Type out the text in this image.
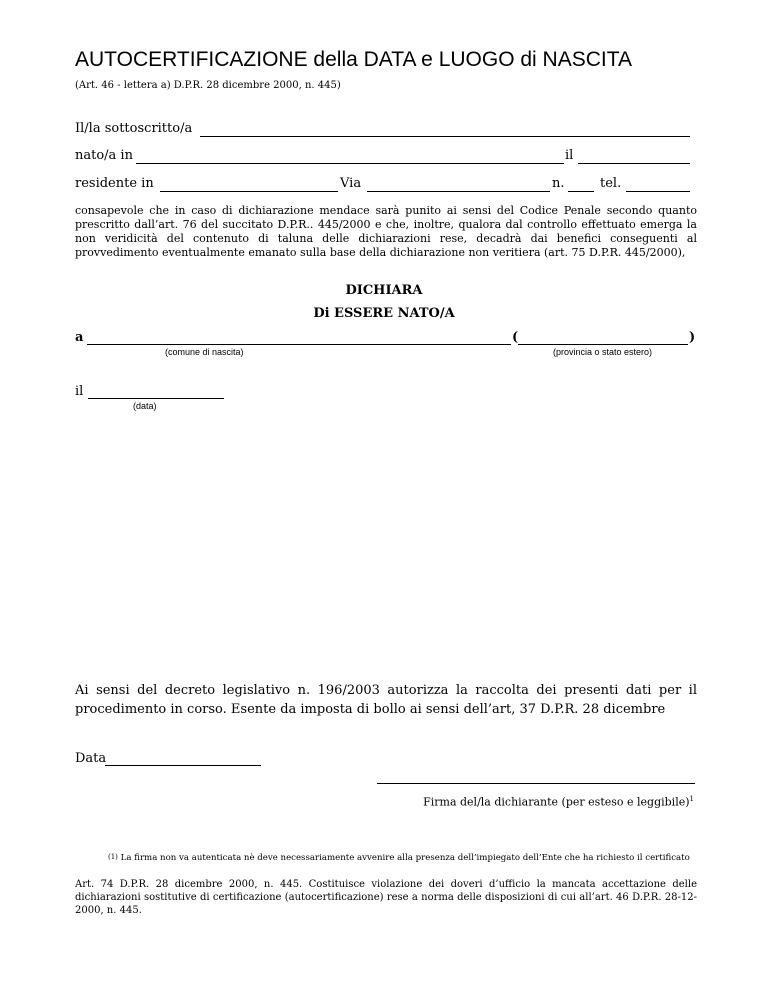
AUTOCERTIFICAZIONE della DATA e LUOGO di NASCITA
(Art. 46 - lettera a) D.P.R. 28 dicembre 2000, n. 445)
Il/la sottoscritto/a
nato/a in	il
residente in	Via	n.	tel.
consapevole che in caso di dichiarazione mendace sarà punito ai sensi del Codice Penale secondo quanto prescritto dall’art. 76 del succitato D.P.R.. 445/2000 e che, inoltre, qualora dal controllo effettuato emerga la non veridicità del contenuto di taluna delle dichiarazioni rese, decadrà dai benefici conseguenti al provvedimento eventualmente emanato sulla base della dichiarazione non veritiera (art. 75 D.P.R. 445/2000),
DICHIARA
Di ESSERE NATO/A
a	(	)
(comune di nascita)	(provincia o stato estero)
il
(data)
Ai sensi del decreto legislativo n. 196/2003 autorizza la raccolta dei presenti dati per il procedimento in corso. Esente da imposta di bollo ai sensi dell’art, 37 D.P.R. 28 dicembre
Data
Firma del/la dichiarante (per esteso e leggibile)$^1$
$^{(1)}$ La firma non va autenticata nè deve necessariamente avvenire alla presenza dell’impiegato dell’Ente che ha richiesto il certificato
Art. 74 D.P.R. 28 dicembre 2000, n. 445. Costituisce violazione dei doveri d’ufficio la mancata accettazione delle dichiarazioni sostitutive di certificazione (autocertificazione) rese a norma delle disposizioni di cui all’art. 46 D.P.R. 28-12-2000, n. 445.
